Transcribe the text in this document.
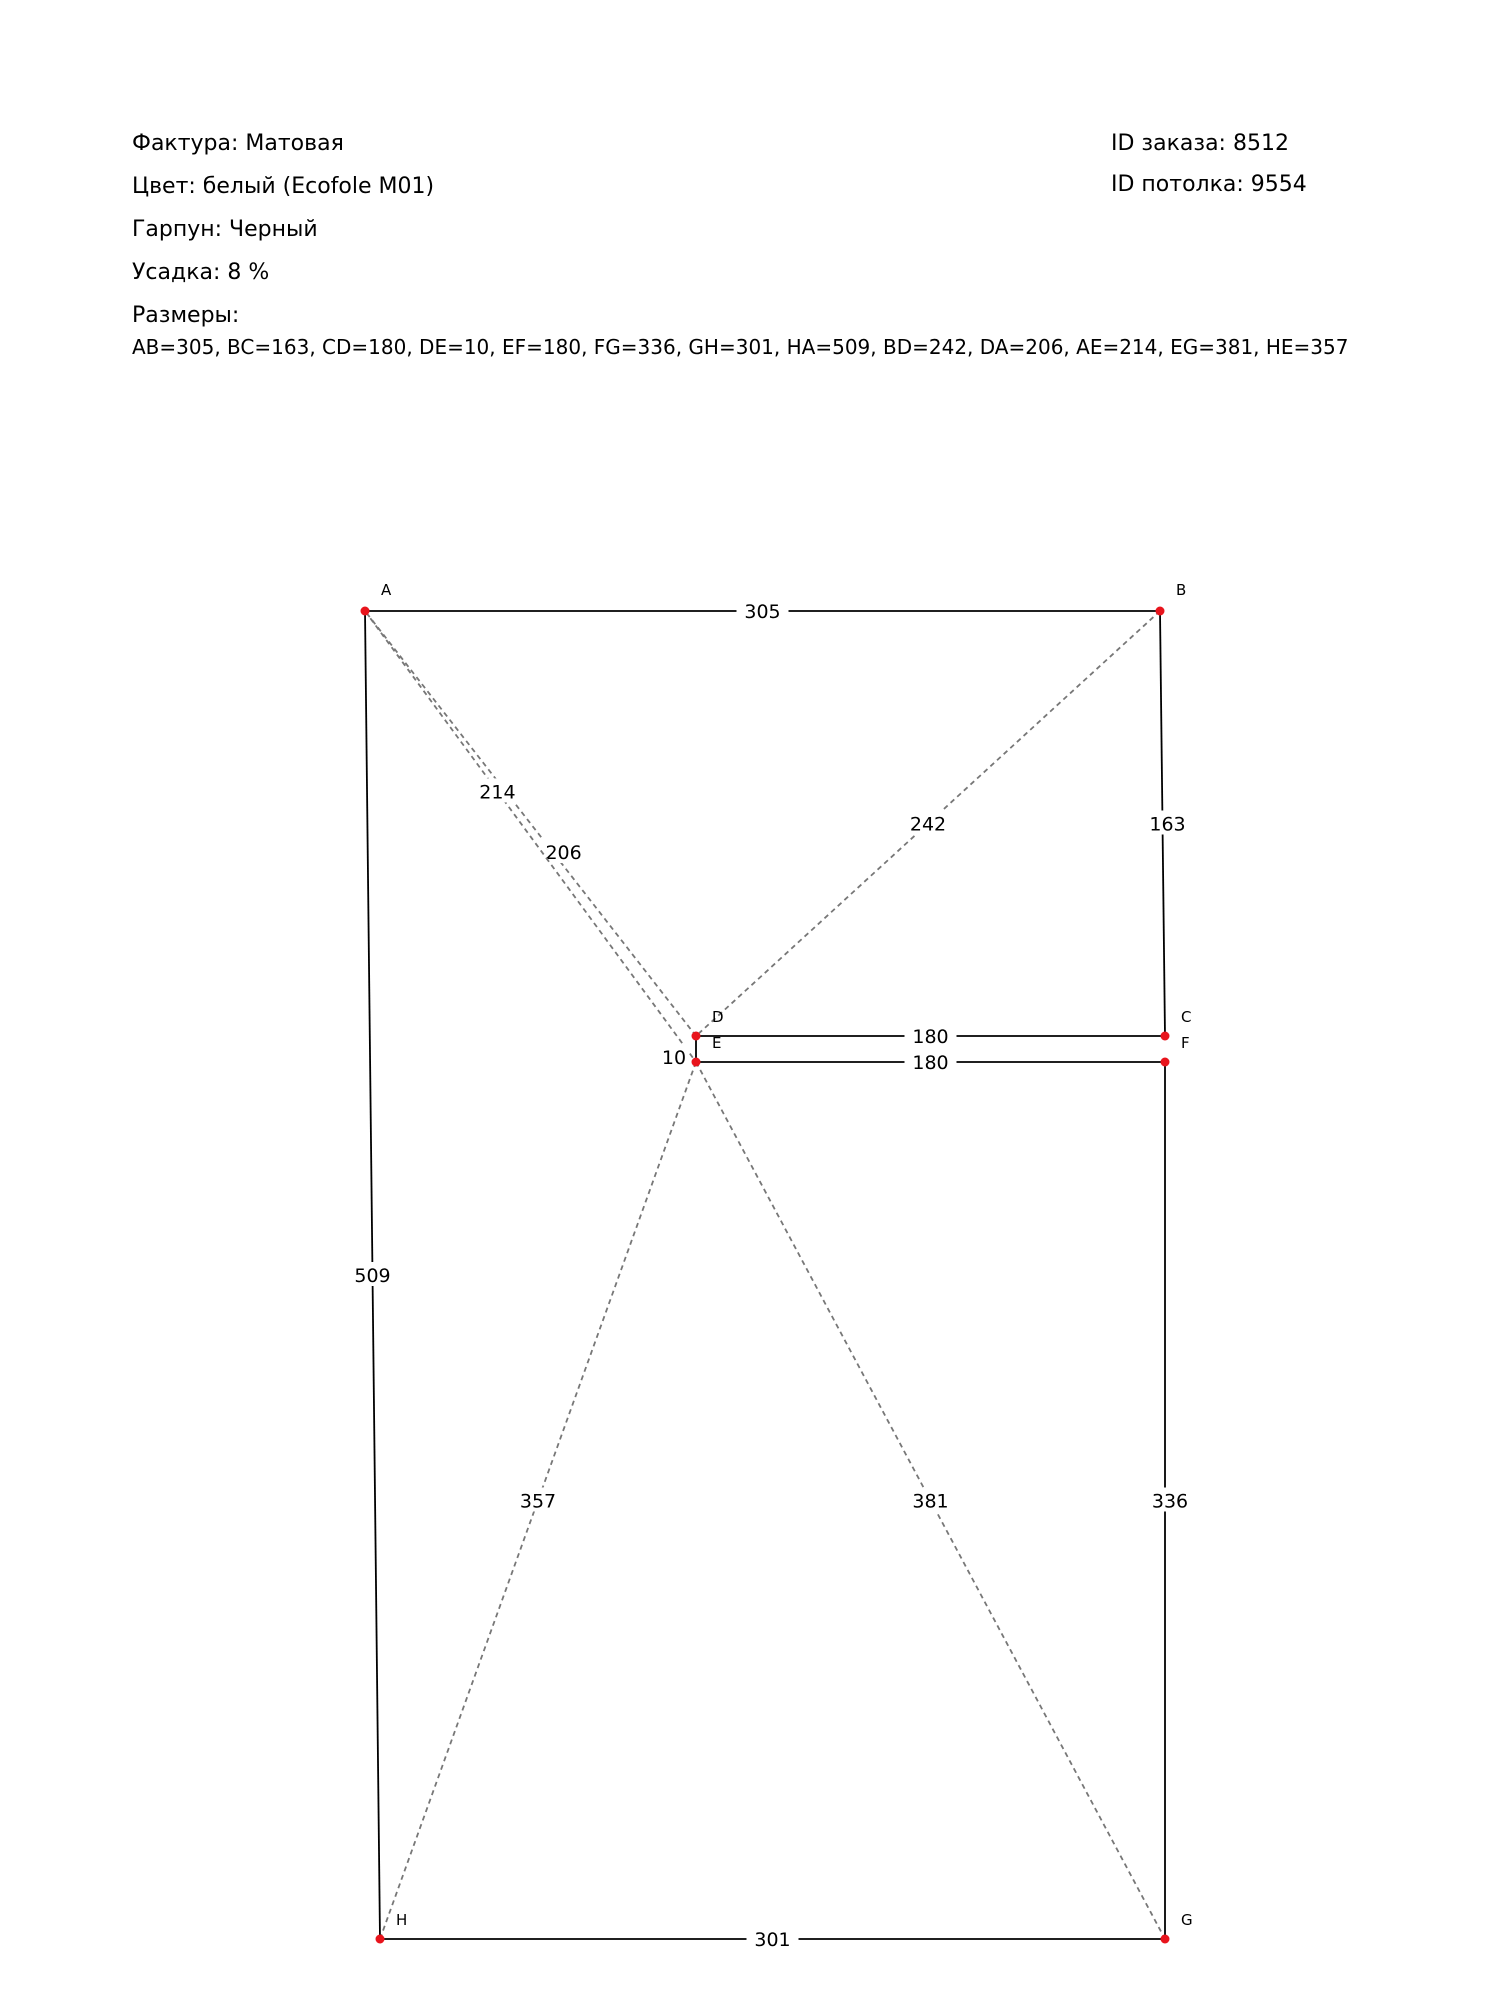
Фактура: Матовая
Цвет: белый (Ecofole M01)
Гарпун: Черный
Усадка: 8 %
Размеры:
AB=305, BC=163, CD=180, DE=10, EF=180, FG=336, GH=301, HA=509, BD=242, DA=206, AE=214, EG=381, HE=357
ID заказа: 8512
ID потолка: 9554
242
206
214
381
357
305
163
180
10	180
336
301
509
A	B
C
D
E	F
G
H
